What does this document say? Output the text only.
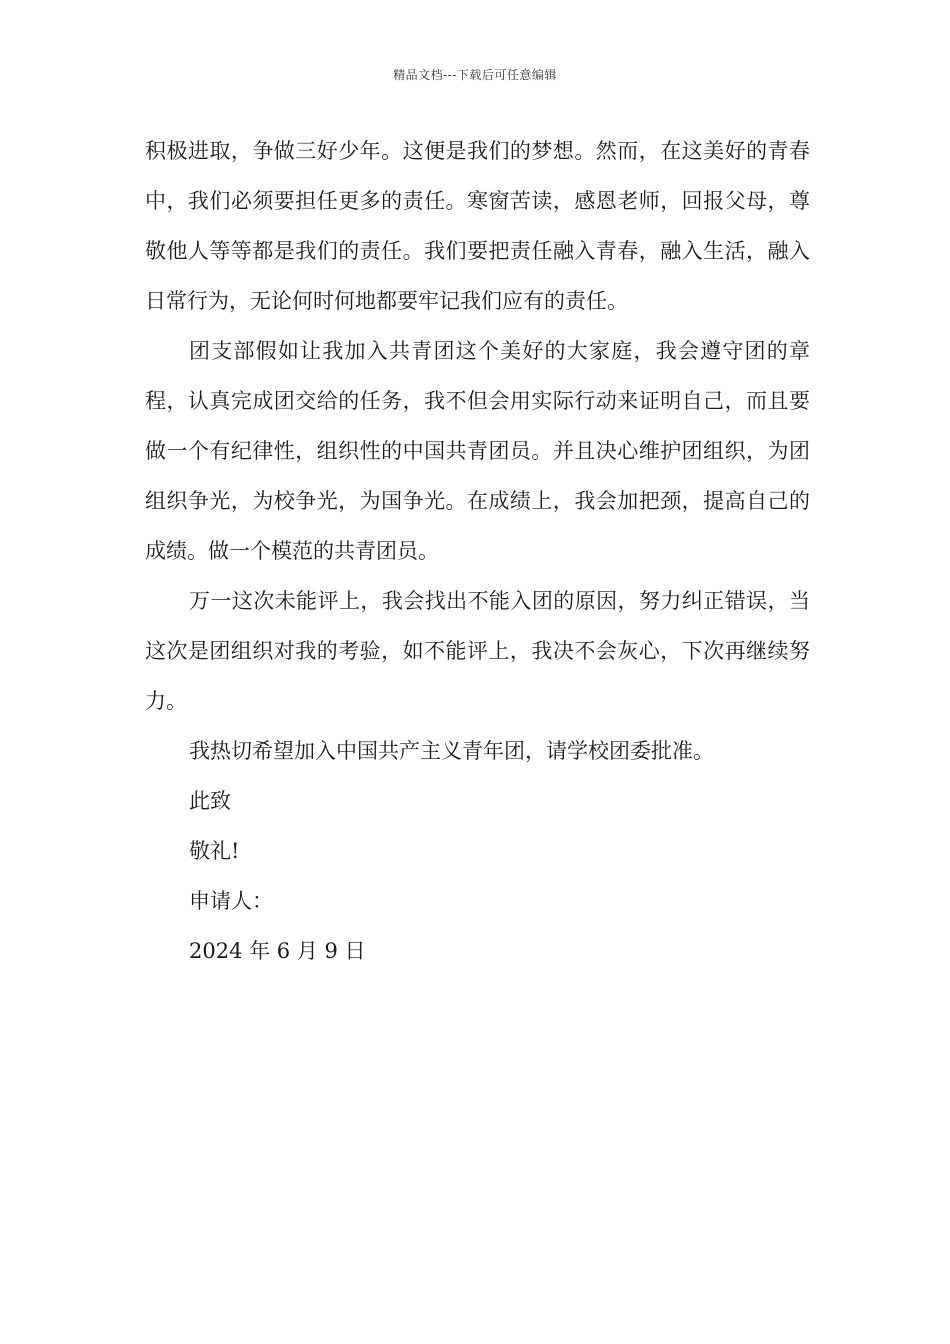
精品文档---下载后可任意编辑

积极进取，争做三好少年。这便是我们的梦想。然而，在这美好的青春中，我们必须要担任更多的责任。寒窗苦读，感恩老师，回报父母，尊敬他人等等都是我们的责任。我们要把责任融入青春，融入生活，融入日常行为，无论何时何地都要牢记我们应有的责任。

团支部假如让我加入共青团这个美好的大家庭，我会遵守团的章程，认真完成团交给的任务，我不但会用实际行动来证明自己，而且要做一个有纪律性，组织性的中国共青团员。并且决心维护团组织，为团组织争光，为校争光，为国争光。在成绩上，我会加把颈，提高自己的成绩。做一个模范的共青团员。

万一这次未能评上，我会找出不能入团的原因，努力纠正错误，当这次是团组织对我的考验，如不能评上，我决不会灰心，下次再继续努力。

我热切希望加入中国共产主义青年团，请学校团委批准。

此致

敬礼!

申请人：

2024 年 6 月 9 日
